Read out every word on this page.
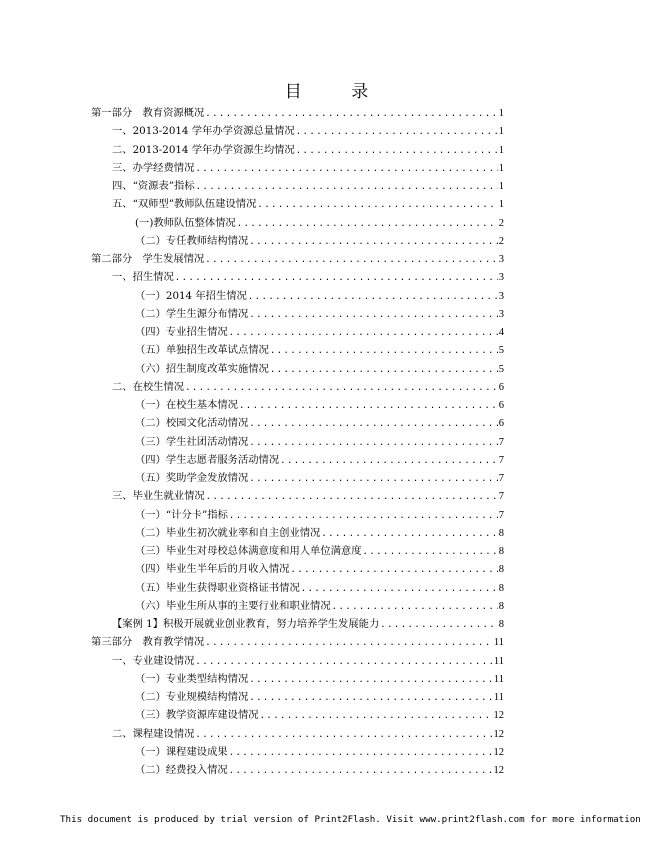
目 录
第一部分　教育资源概况 .....	1
一、2013-2014 学年办学资源总量情况 .....	1
二、2013-2014 学年办学资源生均情况 .....	1
三、办学经费情况 .....	1
四、“资源表”指标 .....	1
五、“双师型”教师队伍建设情况 .....	1
(一)教师队伍整体情况 .....	2
（二）专任教师结构情况 .....	2
第二部分　学生发展情况 .....	3
一、招生情况 .....	3
（一）2014 年招生情况 .....	3
（二）学生生源分布情况 .....	3
（四）专业招生情况 .....	4
（五）单独招生改革试点情况 .....	5
（六）招生制度改革实施情况 .....	5
二、在校生情况 .....	6
（一）在校生基本情况 .....	6
（二）校园文化活动情况 .....	6
（三）学生社团活动情况 .....	7
（四）学生志愿者服务活动情况 .....	7
（五）奖助学金发放情况 .....	7
三、毕业生就业情况 .....	7
（一）“计分卡”指标 .....	7
（二）毕业生初次就业率和自主创业情况 .....	8
（三）毕业生对母校总体满意度和用人单位满意度 .....	8
（四）毕业生半年后的月收入情况 .....	8
（五）毕业生获得职业资格证书情况 .....	8
（六）毕业生所从事的主要行业和职业情况 .....	8
【案例 1】积极开展就业创业教育，努力培养学生发展能力 .....	8
第三部分　教育教学情况 .....	11
一、专业建设情况 .....	11
（一）专业类型结构情况 .....	11
（二）专业规模结构情况 .....	11
（三）教学资源库建设情况 .....	12
二、课程建设情况 .....	12
（一）课程建设成果 .....	12
（二）经费投入情况 .....	12
This document is produced by trial version of Print2Flash. Visit www.print2flash.com for more information
